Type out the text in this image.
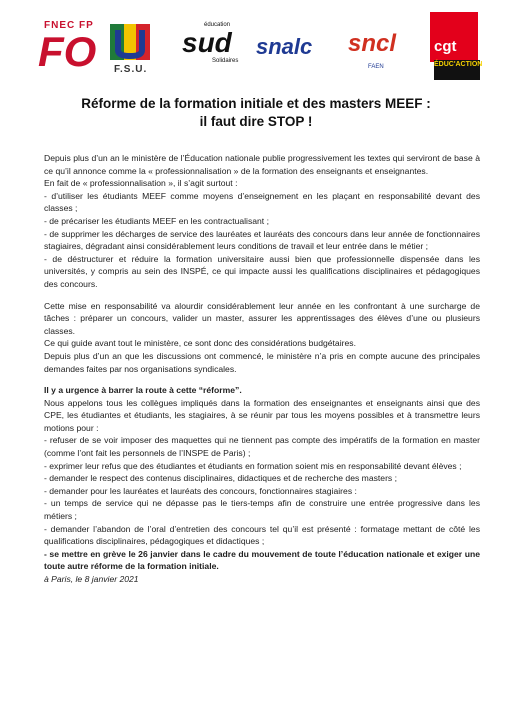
FNEC FP
FO F.S.U.
éducation
sud
Solidaires
snalc sncl
FAEN
cgt
ÉDUC'ACTION
Réforme de la formation initiale et des masters MEEF :
il faut dire STOP !

Depuis plus d’un an le ministère de l’Éducation nationale publie progressivement les textes qui serviront de base à ce qu’il annonce comme la « professionnalisation » de la formation des enseignants et enseignantes.

En fait de « professionnalisation », il s’agit surtout :

- d’utiliser les étudiants MEEF comme moyens d’enseignement en les plaçant en responsabilité devant des classes ;

- de précariser les étudiants MEEF en les contractualisant ;

- de supprimer les décharges de service des lauréates et lauréats des concours dans leur année de fonctionnaires stagiaires, dégradant ainsi considérablement leurs conditions de travail et leur entrée dans le métier ;

- de déstructurer et réduire la formation universitaire aussi bien que professionnelle dispensée dans les universités, y compris au sein des INSPÉ, ce qui impacte aussi les qualifications disciplinaires et pédagogiques des concours.

Cette mise en responsabilité va alourdir considérablement leur année en les confrontant à une surcharge de tâches : préparer un concours, valider un master, assurer les apprentissages des élèves d’une ou plusieurs classes.

Ce qui guide avant tout le ministère, ce sont donc des considérations budgétaires.

Depuis plus d’un an que les discussions ont commencé, le ministère n’a pris en compte aucune des principales demandes faites par nos organisations syndicales.

Il y a urgence à barrer la route à cette “réforme”.

Nous appelons tous les collègues impliqués dans la formation des enseignantes et enseignants ainsi que des CPE, les étudiantes et étudiants, les stagiaires, à se réunir par tous les moyens possibles et à transmettre leurs motions pour :

- refuser de se voir imposer des maquettes qui ne tiennent pas compte des impératifs de la formation en master (comme l’ont fait les personnels de l’INSPE de Paris) ;

- exprimer leur refus que des étudiantes et étudiants en formation soient mis en responsabilité devant élèves ;

- demander le respect des contenus disciplinaires, didactiques et de recherche des masters ;

- demander pour les lauréates et lauréats des concours, fonctionnaires stagiaires :

- un temps de service qui ne dépasse pas le tiers-temps afin de construire une entrée progressive dans les métiers ;

- demander l’abandon de l’oral d’entretien des concours tel qu’il est présenté : formatage mettant de côté les qualifications disciplinaires, pédagogiques et didactiques ;

- se mettre en grève le 26 janvier dans le cadre du mouvement de toute l’éducation nationale et exiger une toute autre réforme de la formation initiale.

à Paris, le 8 janvier 2021
